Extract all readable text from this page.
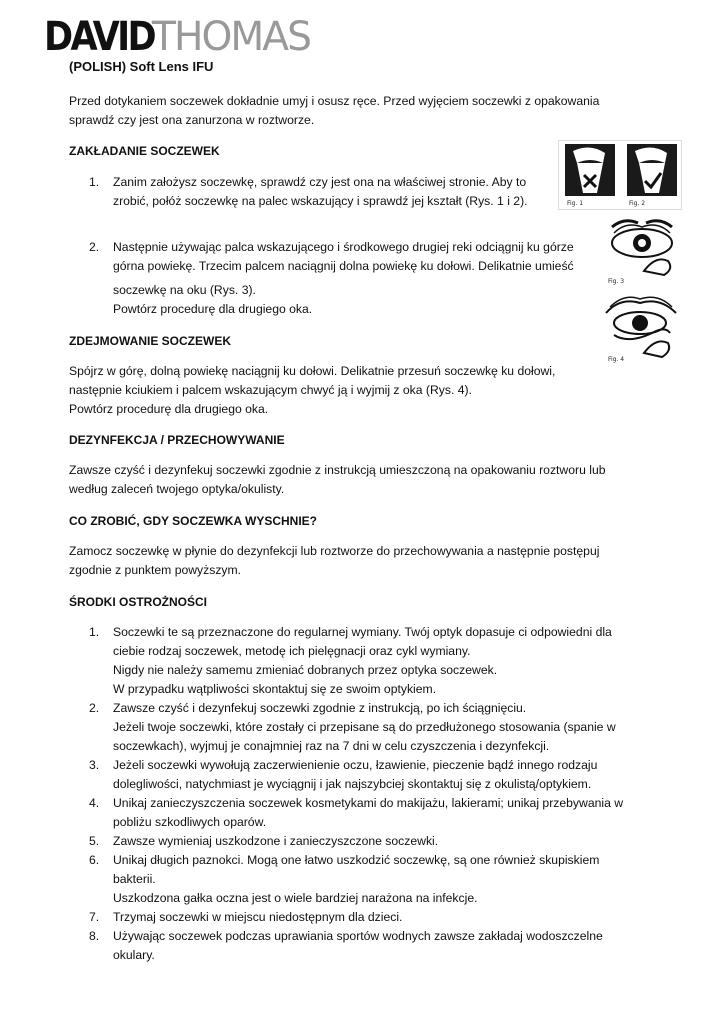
DAVID
THOMAS
(POLISH) Soft Lens IFU
Przed dotykaniem soczewek dokładnie umyj i osusz ręce. Przed wyjęciem soczewki z opakowania
sprawdź czy jest ona zanurzona w roztworze.
ZAKŁADANIE SOCZEWEK
1. Zanim założysz soczewkę, sprawdź czy jest ona na właściwej stronie. Aby to
zrobić, połóż soczewkę na palec wskazujący i sprawdź jej kształt (Rys. 1 i 2).
2. Następnie używając palca wskazującego i środkowego drugiej reki odciągnij ku górze
górna powiekę. Trzecim palcem naciągnij dolna powiekę ku dołowi. Delikatnie umieść
soczewkę na oku (Rys. 3).
Powtórz procedurę dla drugiego oka.
ZDEJMOWANIE SOCZEWEK
Spójrz w górę, dolną powiekę naciągnij ku dołowi. Delikatnie przesuń soczewkę ku dołowi,
następnie kciukiem i palcem wskazującym chwyć ją i wyjmij z oka (Rys. 4).
Powtórz procedurę dla drugiego oka.
DEZYNFEKCJA / PRZECHOWYWANIE
Zawsze czyść i dezynfekuj soczewki zgodnie z instrukcją umieszczoną na opakowaniu roztworu lub
według zaleceń twojego optyka/okulisty.
CO ZROBIĆ, GDY SOCZEWKA WYSCHNIE?
Zamocz soczewkę w płynie do dezynfekcji lub roztworze do przechowywania a następnie postępuj
zgodnie z punktem powyższym.
ŚRODKI OSTROŻNOŚCI
1. Soczewki te są przeznaczone do regularnej wymiany. Twój optyk dopasuje ci odpowiedni dla
ciebie rodzaj soczewek, metodę ich pielęgnacji oraz cykl wymiany.
Nigdy nie należy samemu zmieniać dobranych przez optyka soczewek.
W przypadku wątpliwości skontaktuj się ze swoim optykiem.
2. Zawsze czyść i dezynfekuj soczewki zgodnie z instrukcją, po ich ściągnięciu.
Jeżeli twoje soczewki, które zostały ci przepisane są do przedłużonego stosowania (spanie w
soczewkach), wyjmuj je conajmniej raz na 7 dni w celu czyszczenia i dezynfekcji.
3. Jeżeli soczewki wywołują zaczerwienienie oczu, łzawienie, pieczenie bądź innego rodzaju
dolegliwości, natychmiast je wyciągnij i jak najszybciej skontaktuj się z okulistą/optykiem.
4. Unikaj zanieczyszczenia soczewek kosmetykami do makijażu, lakierami; unikaj przebywania w
pobliżu szkodliwych oparów.
5. Zawsze wymieniaj uszkodzone i zanieczyszczone soczewki.
6. Unikaj długich paznokci. Mogą one łatwo uszkodzić soczewkę, są one również skupiskiem
bakterii.
Uszkodzona gałka oczna jest o wiele bardziej narażona na infekcje.
7. Trzymaj soczewki w miejscu niedostępnym dla dzieci.
8. Używając soczewek podczas uprawiania sportów wodnych zawsze zakładaj wodoszczelne
okulary.
Fig. 1	Fig. 2
Fig. 3
Fig. 4
